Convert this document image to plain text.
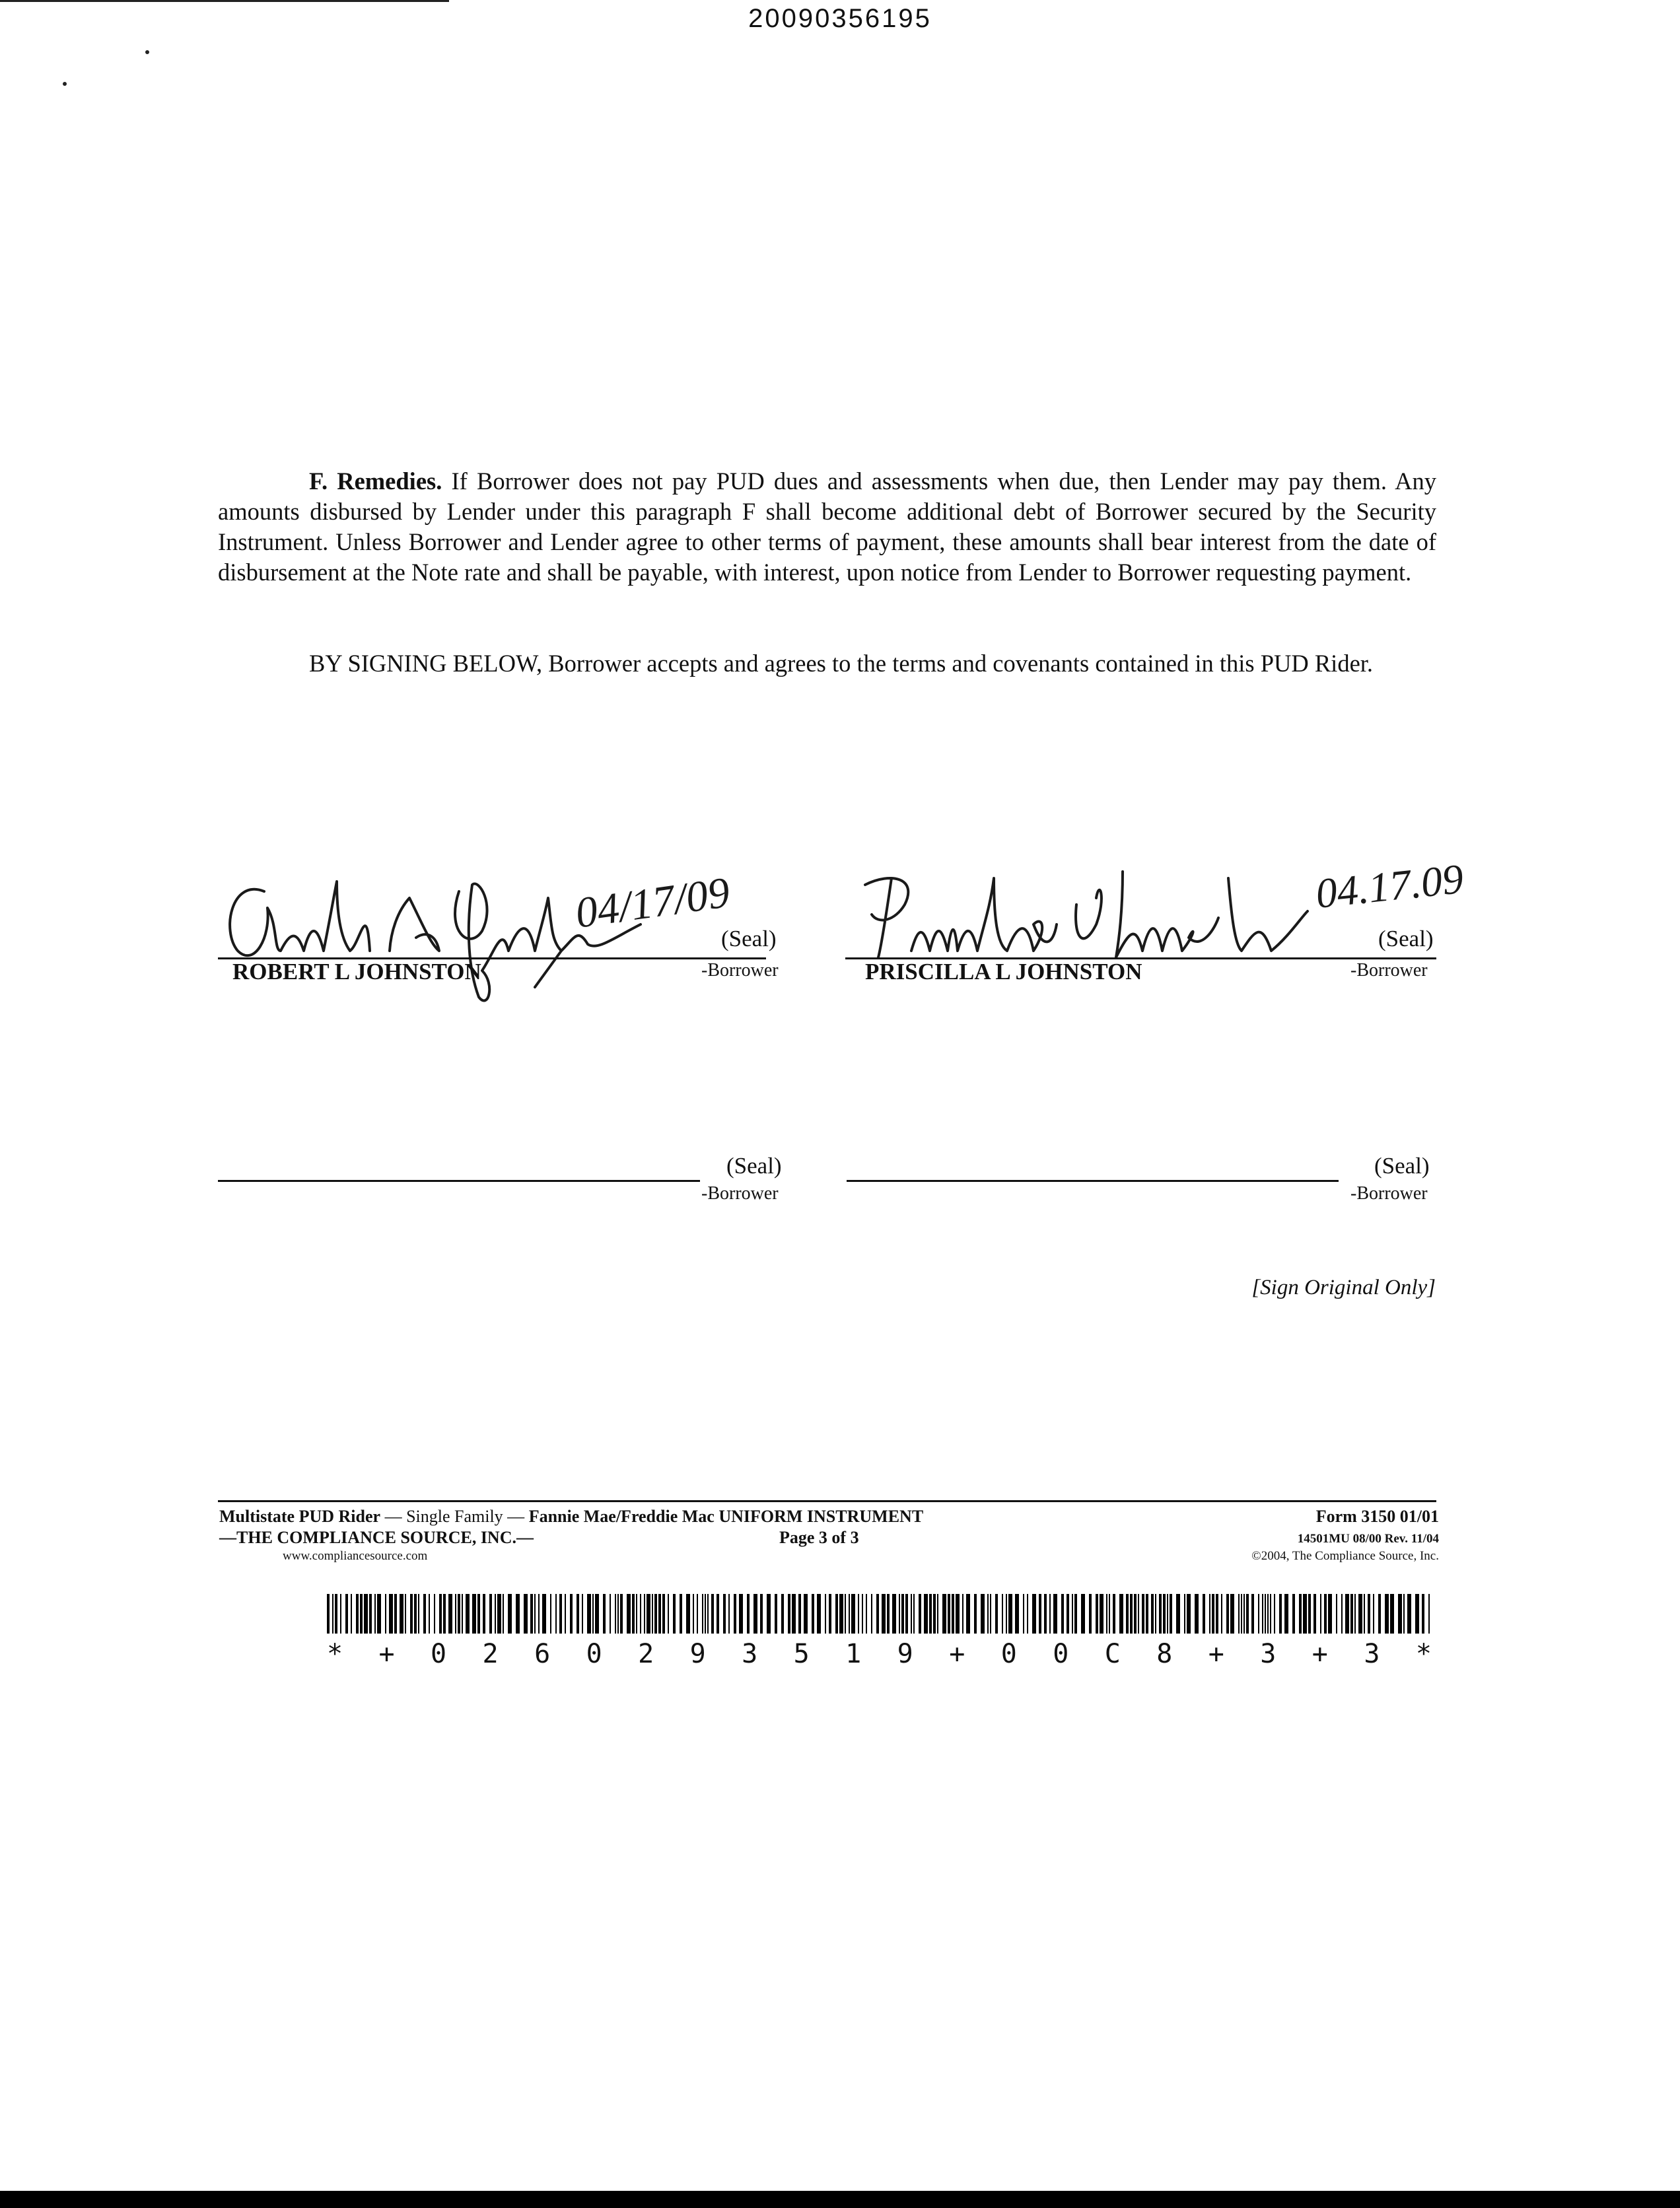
20090356195

F. Remedies. If Borrower does not pay PUD dues and assessments when due, then Lender may pay them. Any amounts disbursed by Lender under this paragraph F shall become additional debt of Borrower secured by the Security Instrument. Unless Borrower and Lender agree to other terms of payment, these amounts shall bear interest from the date of disbursement at the Note rate and shall be payable, with interest, upon notice from Lender to Borrower requesting payment.

BY SIGNING BELOW, Borrower accepts and agrees to the terms and covenants contained in this PUD Rider.

04/17/09
(Seal)
ROBERT L JOHNSTON	-Borrower
04.17.09
(Seal)
PRISCILLA L JOHNSTON	-Borrower
(Seal)
-Borrower
(Seal)
-Borrower
[Sign Original Only]
Multistate PUD Rider — Single Family — Fannie Mae/Freddie Mac UNIFORM INSTRUMENT	Form 3150 01/01
—THE COMPLIANCE SOURCE, INC.—	Page 3 of 3	14501MU 08/00 Rev. 11/04
www.compliancesource.com	©2004, The Compliance Source, Inc.
* + 0 2 6 0 2 9 3 5 1 9 + 0 0 C 8 + 3 + 3 *
